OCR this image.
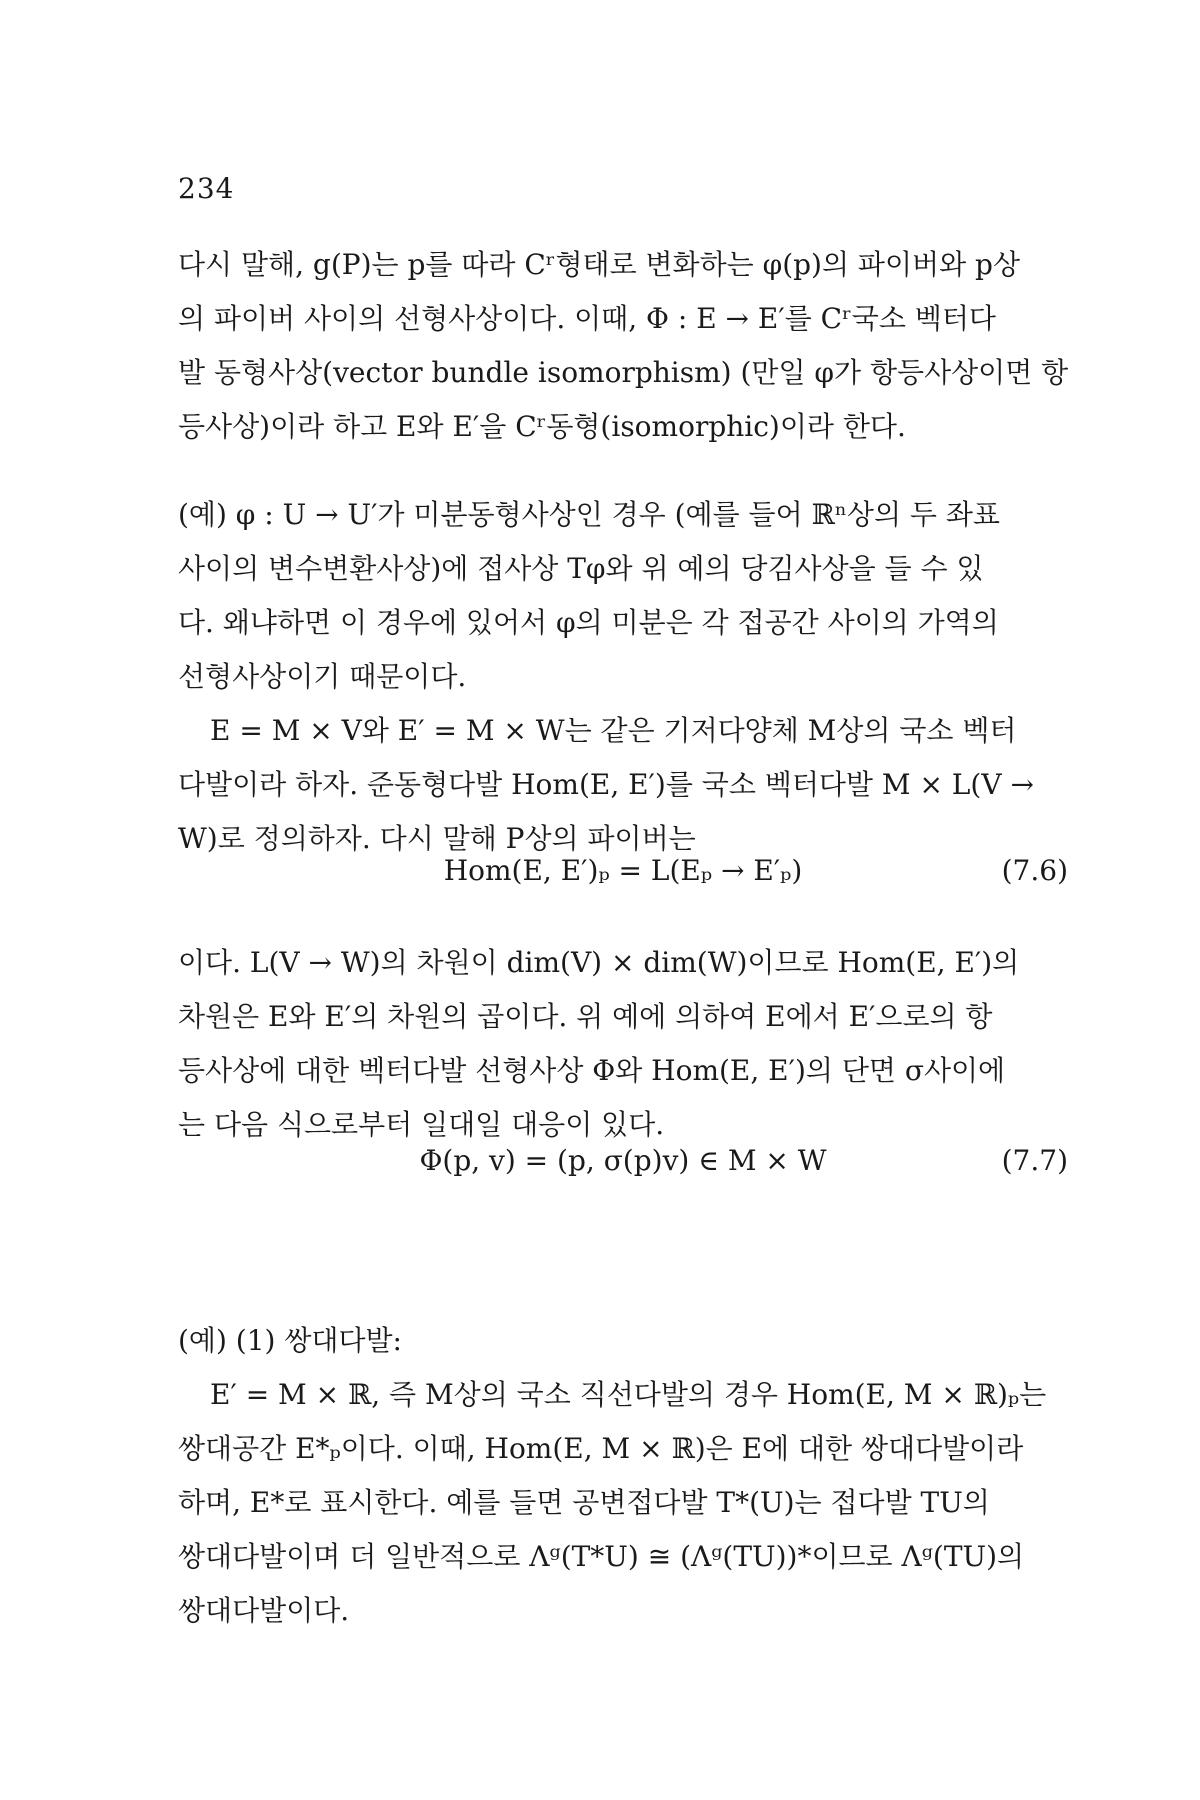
234
다시 말해, g(P)는 p를 따라 Cʳ형태로 변화하는 φ(p)의 파이버와 p상
의 파이버 사이의 선형사상이다. 이때, Φ : E → E′를 Cʳ국소 벡터다
발 동형사상(vector bundle isomorphism) (만일 φ가 항등사상이면 항
등사상)이라 하고 E와 E′을 Cʳ동형(isomorphic)이라 한다.
(예) φ : U → U′가 미분동형사상인 경우 (예를 들어 ℝⁿ상의 두 좌표
사이의 변수변환사상)에 접사상 Tφ와 위 예의 당김사상을 들 수 있
다. 왜냐하면 이 경우에 있어서 φ의 미분은 각 접공간 사이의 가역의
선형사상이기 때문이다.
E = M × V와 E′ = M × W는 같은 기저다양체 M상의 국소 벡터
다발이라 하자. 준동형다발 Hom(E, E′)를 국소 벡터다발 M × L(V →
W)로 정의하자. 다시 말해 P상의 파이버는
Hom(E, E′)ₚ = L(Eₚ → E′ₚ)	(7.6)
이다. L(V → W)의 차원이 dim(V) × dim(W)이므로 Hom(E, E′)의
차원은 E와 E′의 차원의 곱이다. 위 예에 의하여 E에서 E′으로의 항
등사상에 대한 벡터다발 선형사상 Φ와 Hom(E, E′)의 단면 σ사이에
는 다음 식으로부터 일대일 대응이 있다.
Φ(p, v) = (p, σ(p)v) ∈ M × W	(7.7)
(예) (1) 쌍대다발:
E′ = M × ℝ, 즉 M상의 국소 직선다발의 경우 Hom(E, M × ℝ)ₚ는
쌍대공간 E*ₚ이다. 이때, Hom(E, M × ℝ)은 E에 대한 쌍대다발이라
하며, E*로 표시한다. 예를 들면 공변접다발 T*(U)는 접다발 TU의
쌍대다발이며 더 일반적으로 Λᵍ(T*U) ≅ (Λᵍ(TU))*이므로 Λᵍ(TU)의
쌍대다발이다.
